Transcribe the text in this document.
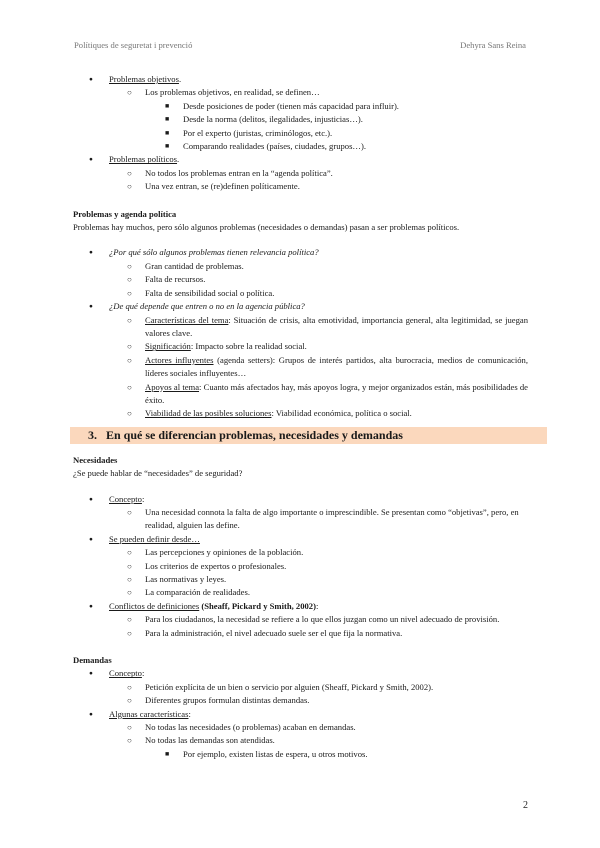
Polítiques de seguretat i prevenció	Dehyra Sans Reina
● Problemas objetivos.
○ Los problemas objetivos, en realidad, se definen…
■ Desde posiciones de poder (tienen más capacidad para influir).
■ Desde la norma (delitos, ilegalidades, injusticias…).
■ Por el experto (juristas, criminólogos, etc.).
■ Comparando realidades (países, ciudades, grupos…).
● Problemas políticos.
○ No todos los problemas entran en la “agenda política”.
○ Una vez entran, se (re)definen políticamente.
Problemas y agenda política
Problemas hay muchos, pero sólo algunos problemas (necesidades o demandas) pasan a ser problemas políticos.
● ¿Por qué sólo algunos problemas tienen relevancia política?
○ Gran cantidad de problemas.
○ Falta de recursos.
○ Falta de sensibilidad social o política.
● ¿De qué depende que entren o no en la agencia pública?
○ Características del tema: Situación de crisis, alta emotividad, importancia general, alta legitimidad, se juegan valores clave.
○ Significación: Impacto sobre la realidad social.
○ Actores influyentes (agenda setters): Grupos de interés partidos, alta burocracia, medios de comunicación, líderes sociales influyentes…
○ Apoyos al tema: Cuanto más afectados hay, más apoyos logra, y mejor organizados están, más posibilidades de éxito.
○ Viabilidad de las posibles soluciones: Viabilidad económica, política o social.
3. En qué se diferencian problemas, necesidades y demandas
Necesidades
¿Se puede hablar de “necesidades” de seguridad?
● Concepto:
○ Una necesidad connota la falta de algo importante o imprescindible. Se presentan como “objetivas”, pero, en realidad, alguien las define.
● Se pueden definir desde…
○ Las percepciones y opiniones de la población.
○ Los criterios de expertos o profesionales.
○ Las normativas y leyes.
○ La comparación de realidades.
● Conflictos de definiciones (Sheaff, Pickard y Smith, 2002):
○ Para los ciudadanos, la necesidad se refiere a lo que ellos juzgan como un nivel adecuado de provisión.
○ Para la administración, el nivel adecuado suele ser el que fija la normativa.
Demandas
● Concepto:
○ Petición explícita de un bien o servicio por alguien (Sheaff, Pickard y Smith, 2002).
○ Diferentes grupos formulan distintas demandas.
● Algunas características:
○ No todas las necesidades (o problemas) acaban en demandas.
○ No todas las demandas son atendidas.
■ Por ejemplo, existen listas de espera, u otros motivos.
2
